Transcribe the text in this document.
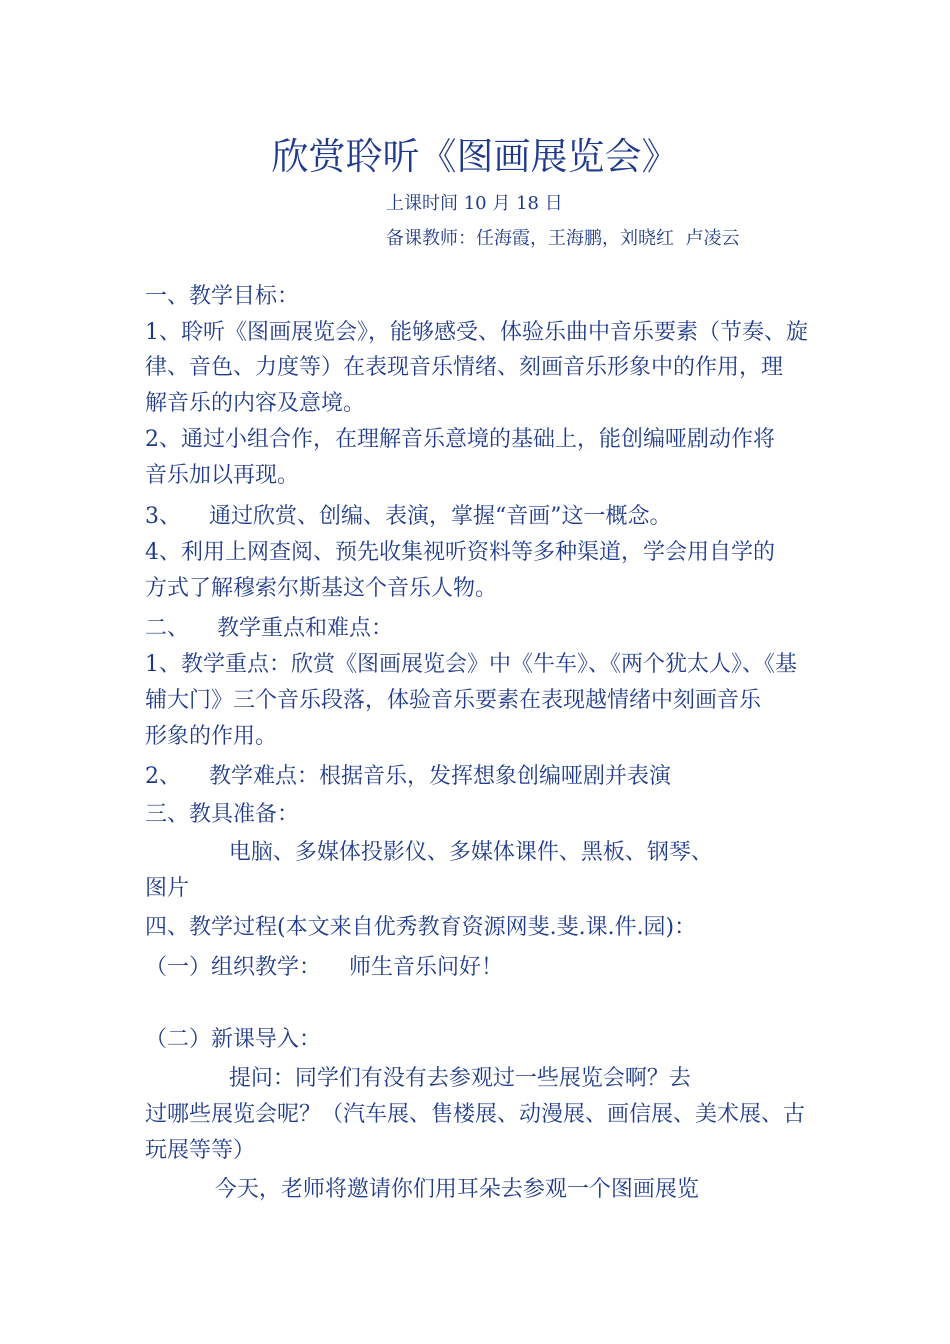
欣赏聆听《图画展览会》
上课时间 10 月 18 日
备课教师：任海霞，王海鹏，刘晓红  卢凌云
一、教学目标：
1、聆听《图画展览会》，能够感受、体验乐曲中音乐要素（节奏、旋
律、音色、力度等）在表现音乐情绪、刻画音乐形象中的作用，理
解音乐的内容及意境。
2、通过小组合作，在理解音乐意境的基础上，能创编哑剧动作将
音乐加以再现。
3、    通过欣赏、创编、表演，掌握“音画”这一概念。
4、利用上网查阅、预先收集视听资料等多种渠道，学会用自学的
方式了解穆索尔斯基这个音乐人物。
二、    教学重点和难点：
1、教学重点：欣赏《图画展览会》中《牛车》、《两个犹太人》、《基
辅大门》三个音乐段落，体验音乐要素在表现越情绪中刻画音乐
形象的作用。
2、    教学难点：根据音乐，发挥想象创编哑剧并表演
三、教具准备：
电脑、多媒体投影仪、多媒体课件、黑板、钢琴、
图片
四、教学过程(本文来自优秀教育资源网斐.斐.课.件.园)：
（一）组织教学：    师生音乐问好！
（二）新课导入：
提问：同学们有没有去参观过一些展览会啊？去
过哪些展览会呢？（汽车展、售楼展、动漫展、画信展、美术展、古
玩展等等）
今天，老师将邀请你们用耳朵去参观一个图画展览
